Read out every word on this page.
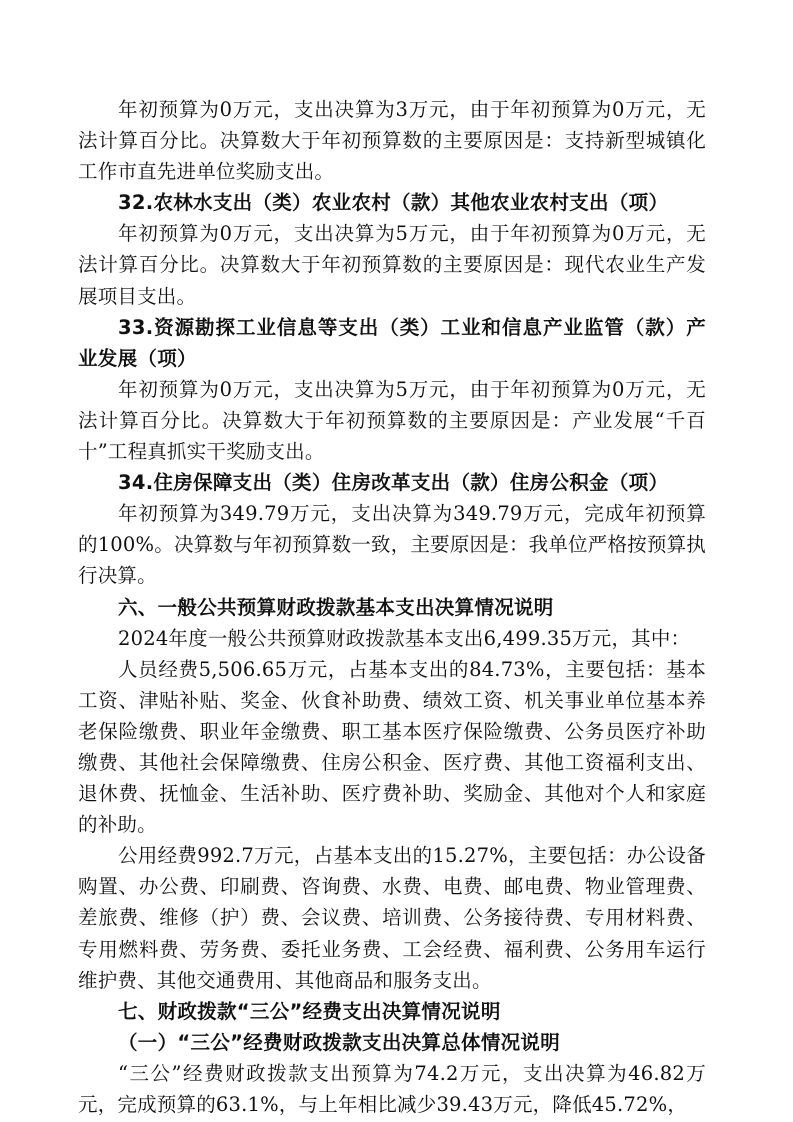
年初预算为0万元，支出决算为3万元，由于年初预算为0万元，无法计算百分比。决算数大于年初预算数的主要原因是：支持新型城镇化工作市直先进单位奖励支出。

32.农林水支出（类）农业农村（款）其他农业农村支出（项）

年初预算为0万元，支出决算为5万元，由于年初预算为0万元，无法计算百分比。决算数大于年初预算数的主要原因是：现代农业生产发展项目支出。

33.资源勘探工业信息等支出（类）工业和信息产业监管（款）产业发展（项）

年初预算为0万元，支出决算为5万元，由于年初预算为0万元，无法计算百分比。决算数大于年初预算数的主要原因是：产业发展“千百十”工程真抓实干奖励支出。

34.住房保障支出（类）住房改革支出（款）住房公积金（项）

年初预算为349.79万元，支出决算为349.79万元，完成年初预算的100%。决算数与年初预算数一致，主要原因是：我单位严格按预算执行决算。

六、一般公共预算财政拨款基本支出决算情况说明

2024年度一般公共预算财政拨款基本支出6,499.35万元，其中：

人员经费5,506.65万元，占基本支出的84.73%，主要包括：基本工资、津贴补贴、奖金、伙食补助费、绩效工资、机关事业单位基本养老保险缴费、职业年金缴费、职工基本医疗保险缴费、公务员医疗补助缴费、其他社会保障缴费、住房公积金、医疗费、其他工资福利支出、退休费、抚恤金、生活补助、医疗费补助、奖励金、其他对个人和家庭的补助。

公用经费992.7万元，占基本支出的15.27%，主要包括：办公设备购置、办公费、印刷费、咨询费、水费、电费、邮电费、物业管理费、差旅费、维修（护）费、会议费、培训费、公务接待费、专用材料费、专用燃料费、劳务费、委托业务费、工会经费、福利费、公务用车运行维护费、其他交通费用、其他商品和服务支出。

七、财政拨款“三公”经费支出决算情况说明

（一）“三公”经费财政拨款支出决算总体情况说明

“三公”经费财政拨款支出预算为74.2万元，支出决算为46.82万元，完成预算的63.1%，与上年相比减少39.43万元，降低45.72%，
